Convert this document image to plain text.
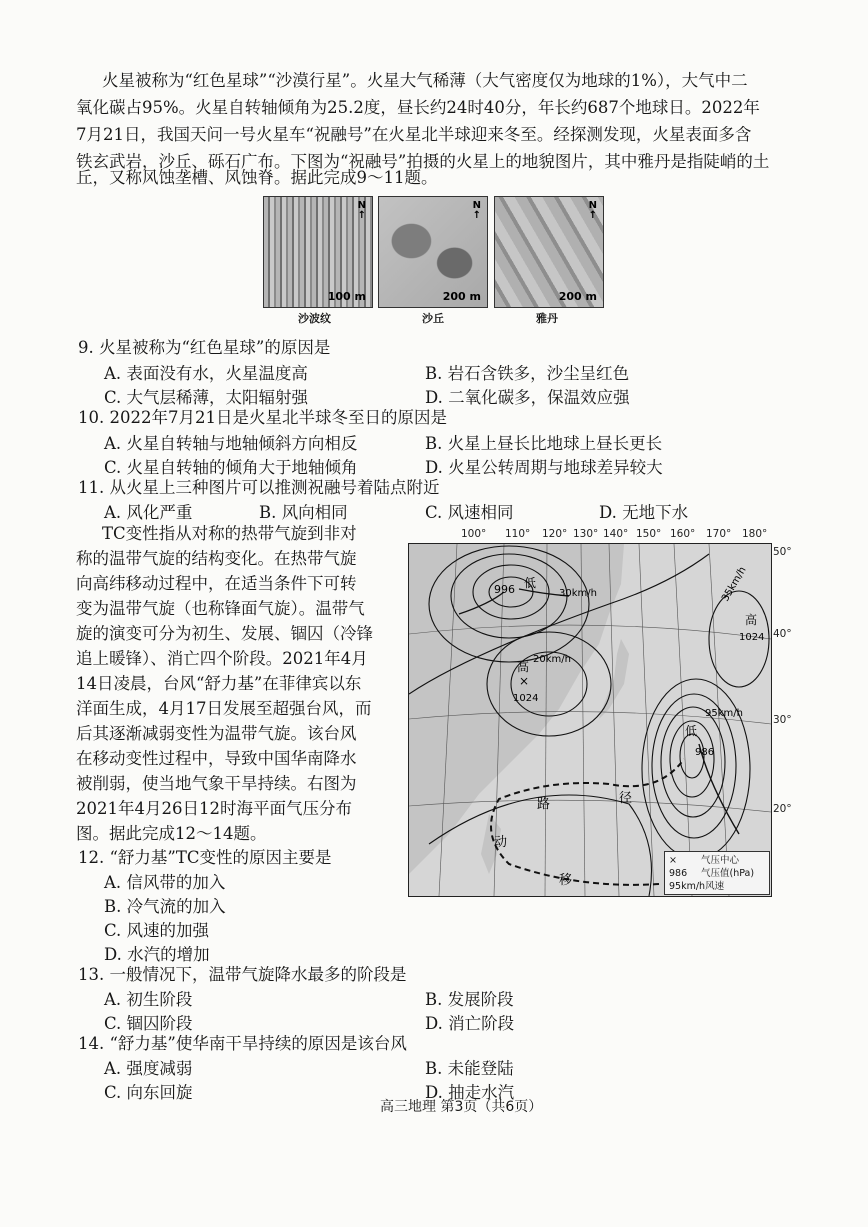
火星被称为“红色星球”“沙漠行星”。火星大气稀薄（大气密度仅为地球的1%），大气中二
氧化碳占95%。火星自转轴倾角为25.2度，昼长约24时40分，年长约687个地球日。2022年
7月21日，我国天问一号火星车“祝融号”在火星北半球迎来冬至。经探测发现，火星表面多含
铁玄武岩，沙丘、砾石广布。下图为“祝融号”拍摄的火星上的地貌图片，其中雅丹是指陡峭的土
丘，又称风蚀垄槽、风蚀脊。据此完成9～11题。
N
↑
100 m
沙波纹
N
↑
200 m
沙丘
N
↑
200 m
雅丹
9. 火星被称为“红色星球”的原因是
A. 表面没有水，火星温度高	B. 岩石含铁多，沙尘呈红色
C. 大气层稀薄，太阳辐射强	D. 二氧化碳多，保温效应强
10. 2022年7月21日是火星北半球冬至日的原因是
A. 火星自转轴与地轴倾斜方向相反	B. 火星上昼长比地球上昼长更长
C. 火星自转轴的倾角大于地轴倾角	D. 火星公转周期与地球差异较大
11. 从火星上三种图片可以推测祝融号着陆点附近
A. 风化严重	B. 风向相同	C. 风速相同	D. 无地下水
TC变性指从对称的热带气旋到非对
称的温带气旋的结构变化。在热带气旋
向高纬移动过程中，在适当条件下可转
变为温带气旋（也称锋面气旋）。温带气
旋的演变可分为初生、发展、锢囚（冷锋
追上暖锋）、消亡四个阶段。2021年4月
14日凌晨，台风“舒力基”在菲律宾以东
洋面生成，4月17日发展至超强台风，而
后其逐渐减弱变性为温带气旋。该台风
在移动变性过程中，导致中国华南降水
被削弱，使当地气象干旱持续。右图为
2021年4月26日12时海平面气压分布
图。据此完成12～14题。
100° 110° 120° 130° 140° 150° 160° 170° 180°
50°
40°
30°
20°
996 低
30km/h
高
×
1024
20km/h
高
1024
35km/h
低
986
95km/h
路	径
动
移
×	气压中心
986 气压值(hPa)
95km/h风速
12. “舒力基”TC变性的原因主要是
A. 信风带的加入
B. 冷气流的加入
C. 风速的加强
D. 水汽的增加
13. 一般情况下，温带气旋降水最多的阶段是
A. 初生阶段	B. 发展阶段
C. 锢囚阶段	D. 消亡阶段
14. “舒力基”使华南干旱持续的原因是该台风
A. 强度减弱	B. 未能登陆
C. 向东回旋	D. 抽走水汽
高三地理 第3页（共6页）
